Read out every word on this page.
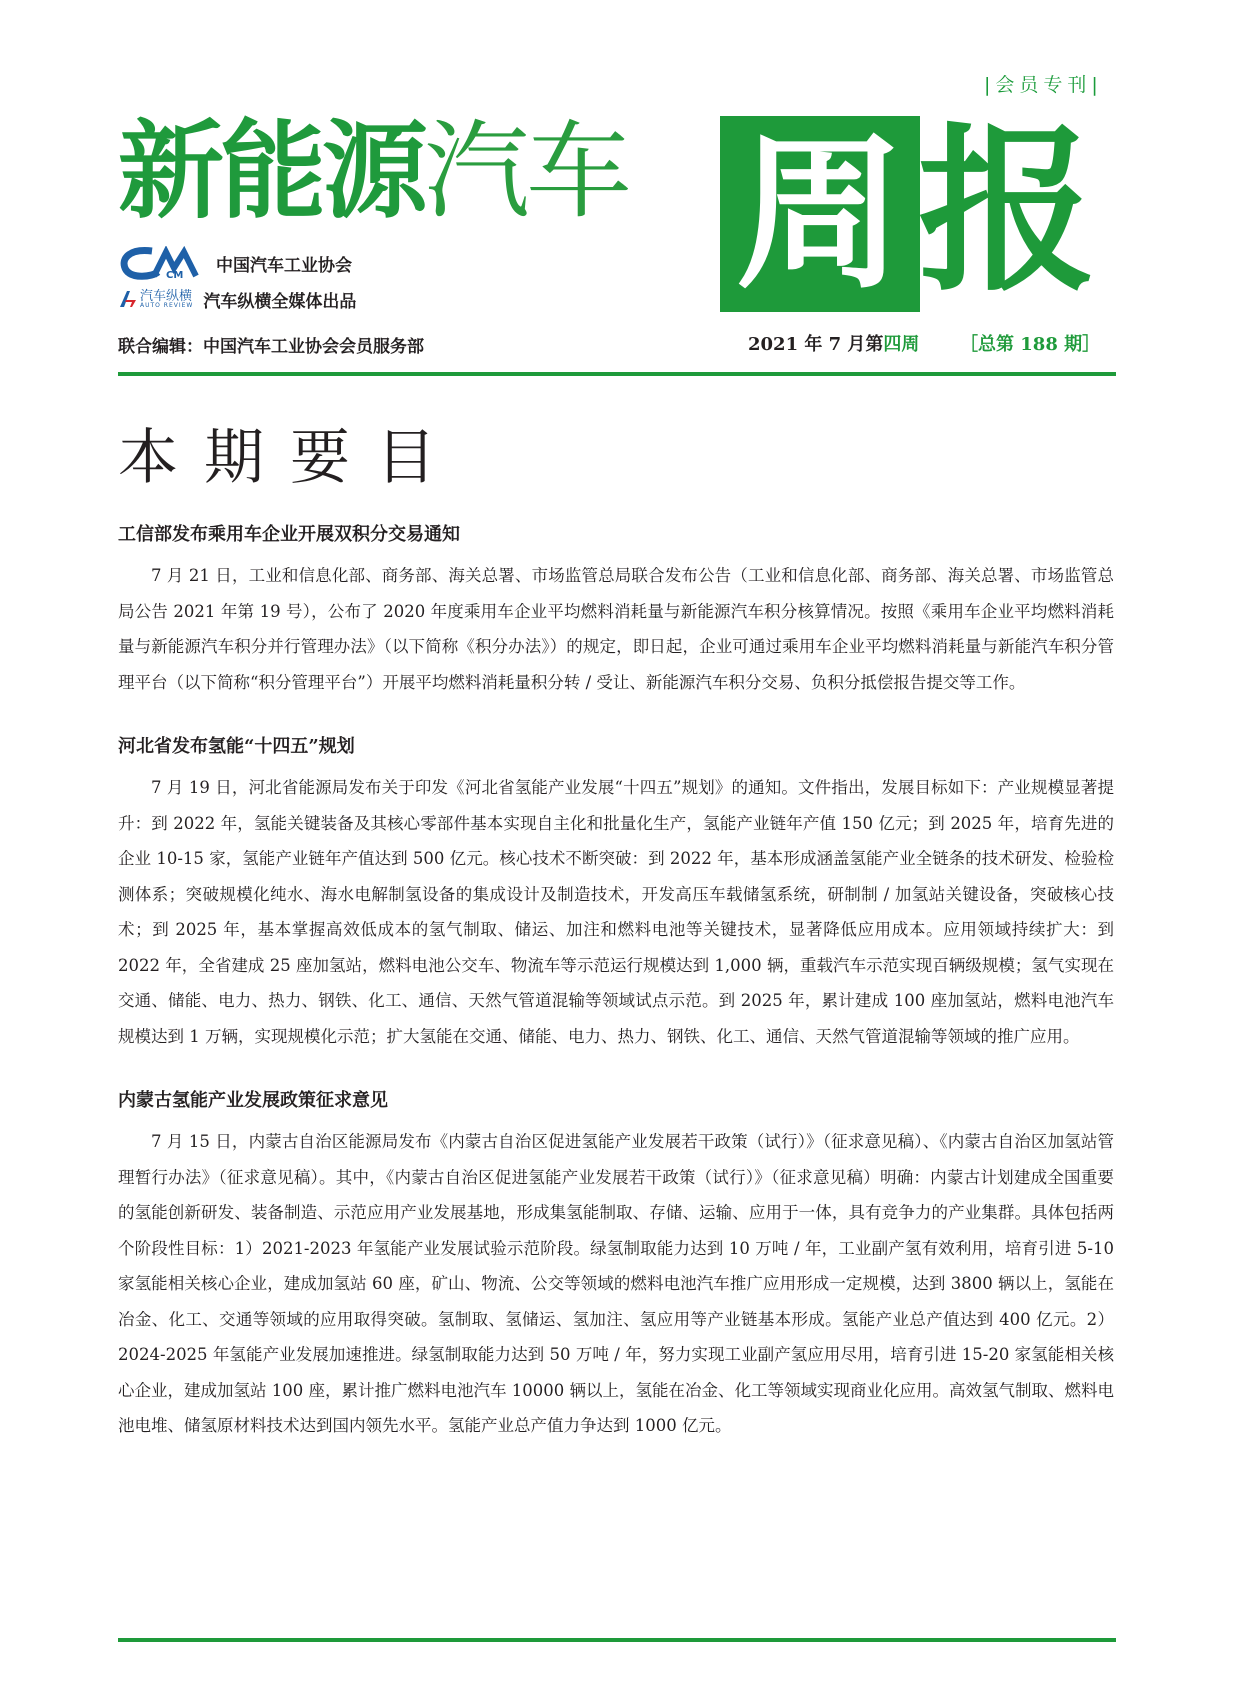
|会员专刊|
新能源汽车 周 报
CM 中国汽车工业协会
汽车纵横
AUTO REVIEW 汽车纵横全媒体出品
联合编辑：中国汽车工业协会会员服务部	2021 年 7 月第四周 ［总第 188 期］
本期要目
工信部发布乘用车企业开展双积分交易通知

7 月 21 日，工业和信息化部、商务部、海关总署、市场监管总局联合发布公告（工业和信息化部、商务部、海关总署、市场监管总局公告 2021 年第 19 号），公布了 2020 年度乘用车企业平均燃料消耗量与新能源汽车积分核算情况。按照《乘用车企业平均燃料消耗量与新能源汽车积分并行管理办法》（以下简称《积分办法》）的规定，即日起，企业可通过乘用车企业平均燃料消耗量与新能汽车积分管理平台（以下简称“积分管理平台”）开展平均燃料消耗量积分转 / 受让、新能源汽车积分交易、负积分抵偿报告提交等工作。

河北省发布氢能“十四五”规划

7 月 19 日，河北省能源局发布关于印发《河北省氢能产业发展“十四五”规划》的通知。文件指出，发展目标如下：产业规模显著提升：到 2022 年，氢能关键装备及其核心零部件基本实现自主化和批量化生产，氢能产业链年产值 150 亿元；到 2025 年，培育先进的企业 10-15 家，氢能产业链年产值达到 500 亿元。核心技术不断突破：到 2022 年，基本形成涵盖氢能产业全链条的技术研发、检验检测体系；突破规模化纯水、海水电解制氢设备的集成设计及制造技术，开发高压车载储氢系统，研制制 / 加氢站关键设备，突破核心技术；到 2025 年，基本掌握高效低成本的氢气制取、储运、加注和燃料电池等关键技术，显著降低应用成本。应用领域持续扩大：到 2022 年，全省建成 25 座加氢站，燃料电池公交车、物流车等示范运行规模达到 1,000 辆，重载汽车示范实现百辆级规模；氢气实现在交通、储能、电力、热力、钢铁、化工、通信、天然气管道混输等领域试点示范。到 2025 年，累计建成 100 座加氢站，燃料电池汽车规模达到 1 万辆，实现规模化示范；扩大氢能在交通、储能、电力、热力、钢铁、化工、通信、天然气管道混输等领域的推广应用。

内蒙古氢能产业发展政策征求意见

7 月 15 日，内蒙古自治区能源局发布《内蒙古自治区促进氢能产业发展若干政策（试行）》（征求意见稿）、《内蒙古自治区加氢站管理暂行办法》（征求意见稿）。其中，《内蒙古自治区促进氢能产业发展若干政策（试行）》（征求意见稿）明确：内蒙古计划建成全国重要的氢能创新研发、装备制造、示范应用产业发展基地，形成集氢能制取、存储、运输、应用于一体，具有竞争力的产业集群。具体包括两个阶段性目标：1）2021-2023 年氢能产业发展试验示范阶段。绿氢制取能力达到 10 万吨 / 年，工业副产氢有效利用，培育引进 5-10 家氢能相关核心企业，建成加氢站 60 座，矿山、物流、公交等领域的燃料电池汽车推广应用形成一定规模，达到 3800 辆以上，氢能在冶金、化工、交通等领域的应用取得突破。氢制取、氢储运、氢加注、氢应用等产业链基本形成。氢能产业总产值达到 400 亿元。2）2024-2025 年氢能产业发展加速推进。绿氢制取能力达到 50 万吨 / 年，努力实现工业副产氢应用尽用，培育引进 15-20 家氢能相关核心企业，建成加氢站 100 座，累计推广燃料电池汽车 10000 辆以上，氢能在冶金、化工等领域实现商业化应用。高效氢气制取、燃料电池电堆、储氢原材料技术达到国内领先水平。氢能产业总产值力争达到 1000 亿元。
